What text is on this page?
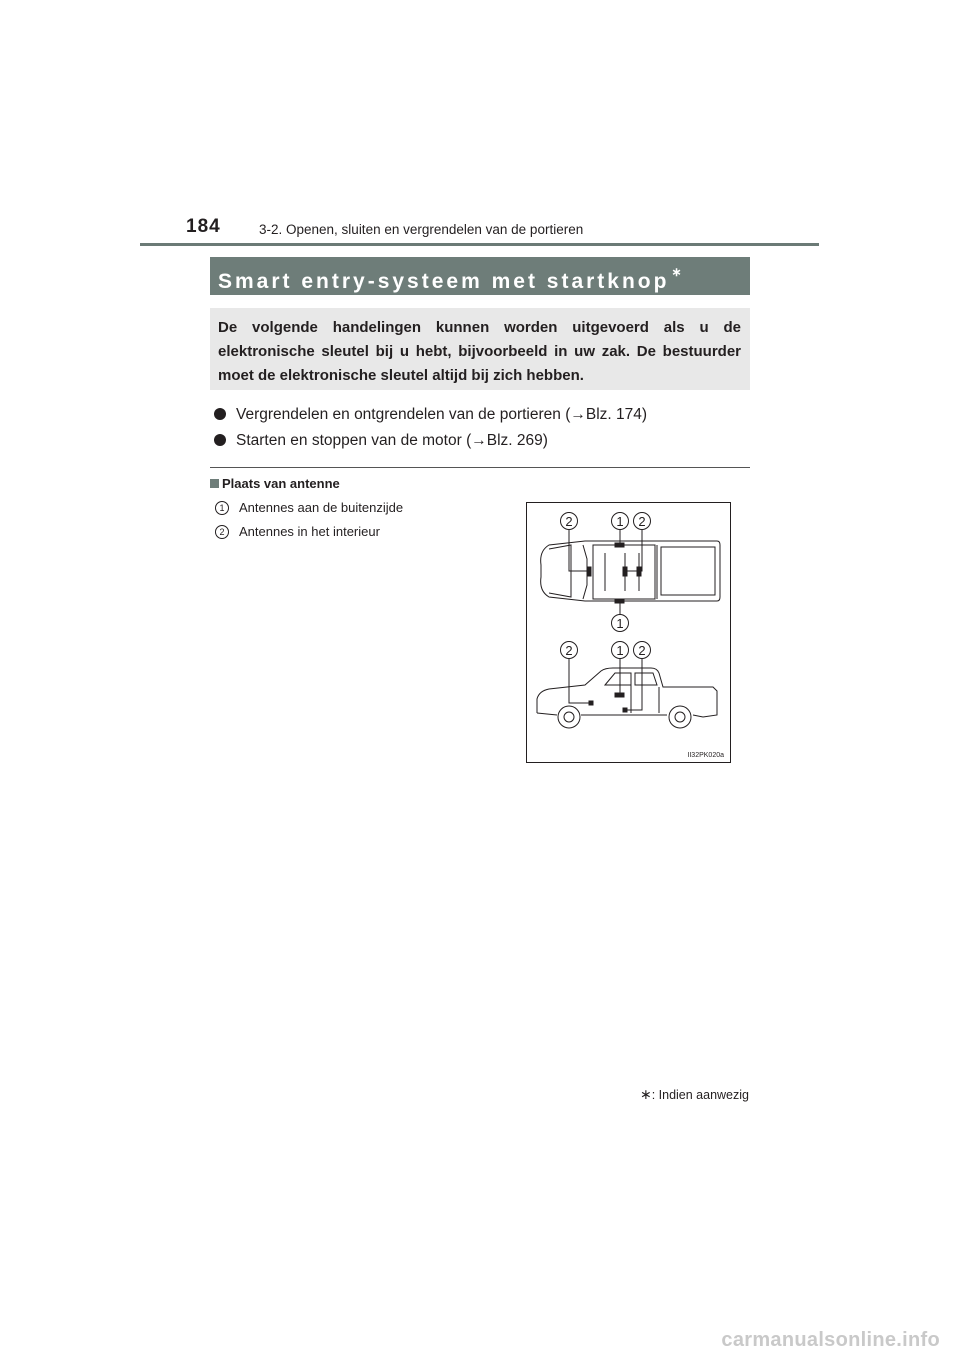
184	3-2. Openen, sluiten en vergrendelen van de portieren
Smart entry-systeem met startknop ∗
De volgende handelingen kunnen worden uitgevoerd als u de elektronische sleutel bij u hebt, bijvoorbeeld in uw zak. De bestuurder moet de elektronische sleutel altijd bij zich hebben.
Vergrendelen en ontgrendelen van de portieren (→Blz. 174)
Starten en stoppen van de motor (→Blz. 269)
Plaats van antenne
1 Antennes aan de buitenzijde
2 Antennes in het interieur
2	1 2
1
2	1 2
II32PK020a
∗: Indien aanwezig
carmanualsonline.info
